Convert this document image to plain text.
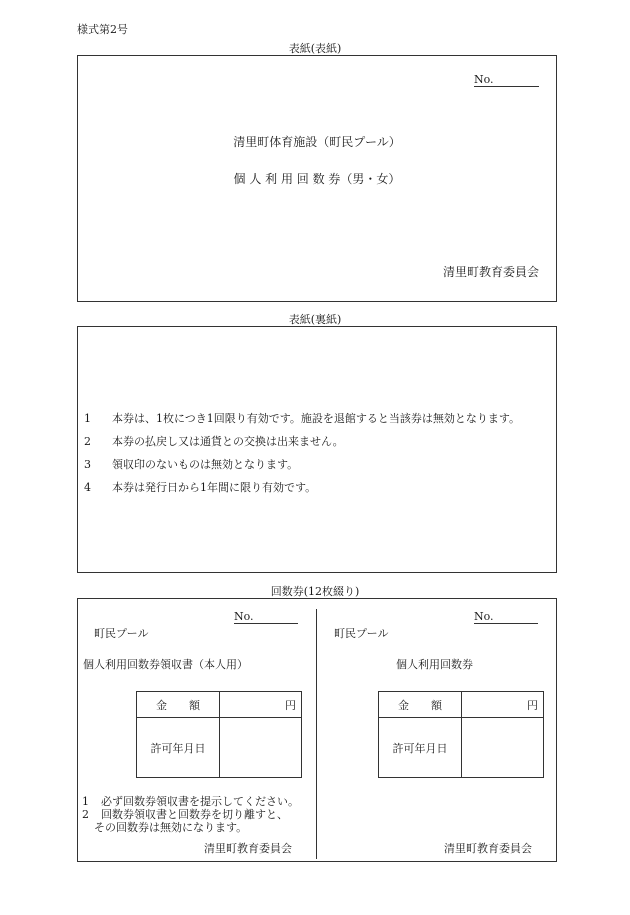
様式第2号
表紙(表紙)
No.
清里町体育施設（町民プール）
個 人 利 用 回 数 券（男・女）
清里町教育委員会
表紙(裏紙)
1 本券は、1枚につき1回限り有効です。施設を退館すると当該券は無効となります。
2 本券の払戻し又は通貨との交換は出来ません。
3 領収印のないものは無効となります。
4 本券は発行日から1年間に限り有効です。
回数券(12枚綴り)
No.
町民プール
個人利用回数券領収書（本人用）
金　　額	円
許可年月日	
1 必ず回数券領収書を提示してください。
2 回数券領収書と回数券を切り離すと、
その回数券は無効になります。
清里町教育委員会
No.
町民プール
個人利用回数券
金　　額	円
許可年月日	
清里町教育委員会
